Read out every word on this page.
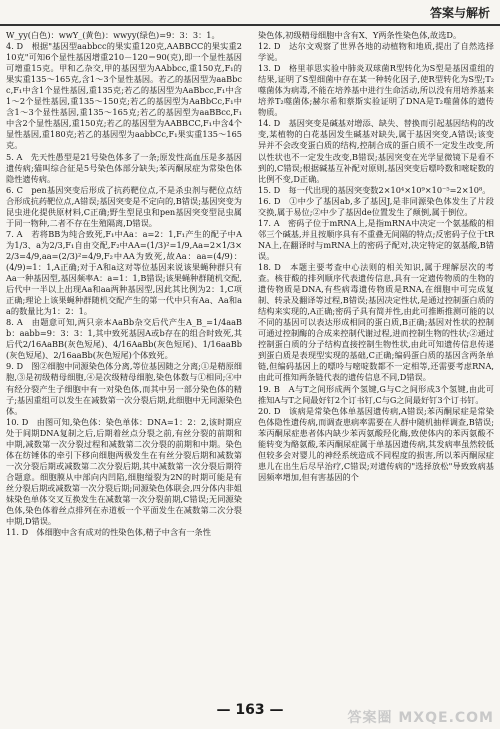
答案与解析

W_yy(白色)：wwY_(黄色)：wwyy(绿色)=9：3：3：1。

4. D　根据"基因型aabbcc的果实重120克,AABBCC的果实重210克"可知6个显性基因增重210－120＝90(克),即一个显性基因可增重15克。甲和乙杂交,甲的基因型为AAbbcc,重150克,F₁的果实重135～165克,含1～3个显性基因。若乙的基因型为aaBbcc,F₁中含1个显性基因,重135克;若乙的基因型为AaBbcc,F₁中含1～2个显性基因,重135～150克;若乙的基因型为AaBbCc,F₁中含1～3个显性基因,重135～165克;若乙的基因型为aaBBcc,F₁中含2个显性基因,重150克;若乙的基因型为AABBCC,F₁中含4个显性基因,重180克;若乙的基因型为aabbCc,F₁果实重135～165克。

5. A　先天性愚型是21号染色体多了一条;原发性高血压是多基因遗传病;猫叫综合征是5号染色体部分缺失;苯丙酮尿症为常染色体隐性遗传病。

6. C　pen基因突变后形成了抗药靶位点,不是杀虫剂与靶位点结合形成抗药靶位点,A错误;基因突变是不定向的,B错误;基因突变为昆虫进化提供原材料,C正确;野生型昆虫和pen基因突变型昆虫属于同一物种,二者不存在生殖隔离,D错误。

7. A　若将BB为纯合致死,F₁中Aa：a=2：1,F₁产生的配子中A为1/3、a为2/3,F₁自由交配,F₂中AA=(1/3)²=1/9,Aa=2×1/3×2/3=4/9,aa=(2/3)²=4/9,F₂中AA为致死,故Aa：aa=(4/9)：(4/9)=1：1,A正确;对于A和a这对等位基因来说该果蝇种群只有Aa一种基因型,基因频率A：a=1：1,B错误;该果蝇种群随机交配,后代中一半以上出现Aa和aa两种基因型,因此其比例为2：1,C项正确;理论上该果蝇种群随机交配产生的第一代中只有Aa、Aa和aa的数量比为1：2：1。

8. A　由题意可知,两只亲本AaBb杂交后代产生A_B_=1/4aaBb：aabb=9：3：3：1,其中致死基因A或b存在的组合时致死,其后代2/16AaBB(灰色短尾)、4/16AaBb(灰色短尾)、1/16aaBb(灰色短尾)、2/16aaBb(灰色短尾)个体致死。

9. D　图②细胞中同源染色体分离,等位基因随之分离;①是精原细胞,③是初级精母细胞,④是次级精母细胞,染色体数与①相同;④中有经分裂产生子细胞中有一对染色体,而其中另一部分染色体的精子;基因重组可以发生在减数第一次分裂后期,此细胞中无同源染色体。

10. D　由图可知,染色体：染色单体：DNA=1：2：2,该时期应处于间期DNA复制之后,后期着丝点分裂之前,有丝分裂的前期和中期,减数第一次分裂过程和减数第二次分裂的前期和中期。染色体在纺锤体的牵引下移向细胞两极发生在有丝分裂后期和减数第一次分裂后期或减数第二次分裂后期,其中减数第一次分裂后期符合题意。细胞膜从中部向内凹陷,细胞缢裂为2N的时期可能是有丝分裂后期或减数第一次分裂后期;同源染色体联会,四分体内非姐妹染色单体交叉互换发生在减数第一次分裂前期,C错误;无同源染色体,染色体着丝点排列在赤道板一个平面发生在减数第二次分裂中期,D错误。

11. D　体细胞中含有成对的性染色体,精子中含有一条性

染色体,初级精母细胞中含有X、Y两条性染色体,故选D。

12. D　达尔文观察了世界各地的动植物和地质,提出了自然选择学说。

13. D　格里菲思实验中肺炎双球菌R型转化为S型是基因重组的结果,证明了S型细菌中存在某一种转化因子,使R型转化为S型;T₂噬菌体为病毒,不能在培养基中进行生命活动,所以没有用培养基来培养T₂噬菌体;赫尔希和蔡斯实验证明了DNA是T₂噬菌体的遗传物质。

14. D　基因突变是碱基对增添、缺失、替换而引起基因结构的改变,某植物的白花基因发生碱基对缺失,属于基因突变,A错误;该变异并不会改变蛋白质的结构,控制合成的蛋白质不一定发生改变,所以性状也不一定发生改变,B错误;基因突变在光学显微镜下是看不到的,C错误;根据碱基互补配对原则,基因突变后嘌呤数和嘧啶数的比例不变,D正确。

15. D　每一代出现的基因突变数2×10⁴×10⁹×10⁻⁵=2×10⁸。

16. D　①中少了基因ab,多了基因J,是非同源染色体发生了片段交换,属于易位;②中少了基因de位置发生了颠倒,属于倒位。

17. A　密码子位于mRNA上,是指mRNA中决定一个氨基酸的相邻三个碱基,并且按顺序具有不重叠无间隔的特点;反密码子位于tRNA上,在翻译时与mRNA上的密码子配对,决定特定的氨基酸,B错误。

18. D　本题主要考查中心法则的相关知识,属于理解层次的考查。核苷酸的排列顺序代表遗传信息,具有一定遗传物质的生物的遗传物质是DNA,有些病毒遗传物质是RNA,在细胞中可完成复制、转录及翻译等过程,B错误;基因决定性状,是通过控制蛋白质的结构来实现的,A正确;密码子具有简并性,由此可推断推测可能的以不同的基因可以表达形成相同的蛋白质,B正确;基因对性状的控制可通过控制酶的合成来控制代谢过程,进而控制生物的性状;②通过控制蛋白质的分子结构直接控制生物性状,由此可知遗传信息传递到蛋白质是表现型实现的基础,C正确;编码蛋白质的基因含两条单链,但编码基因上的嘌呤与嘧啶数都不一定相等,还需要考虑RNA,由此可推知两条链代表的遗传信息不同,D错误。

19. B　A与T之间形成两个氢键,G与C之间形成3个氢键,由此可推知A与T之间最好钉2个订书钉,C与G之间最好钉3个订书钉。

20. D　该病是常染色体单基因遗传病,A错误;苯丙酮尿症是常染色体隐性遗传病,而调查患病率需要在人群中随机抽样调查,B错误;苯丙酮尿症患者体内缺少苯丙氨酸羟化酶,致使体内的苯丙氨酸不能转变为酪氨酸,苯丙酮尿症属于单基因遗传病,其发病率虽然较低但较多会对婴儿的神经系统造成不同程度的损害,所以苯丙酮尿症患儿在出生后尽早治疗,C错误;对遗传病的"选择放松"导致致病基因频率增加,但有害基因的个

— 163 —	答案圈 MXQE.COM
